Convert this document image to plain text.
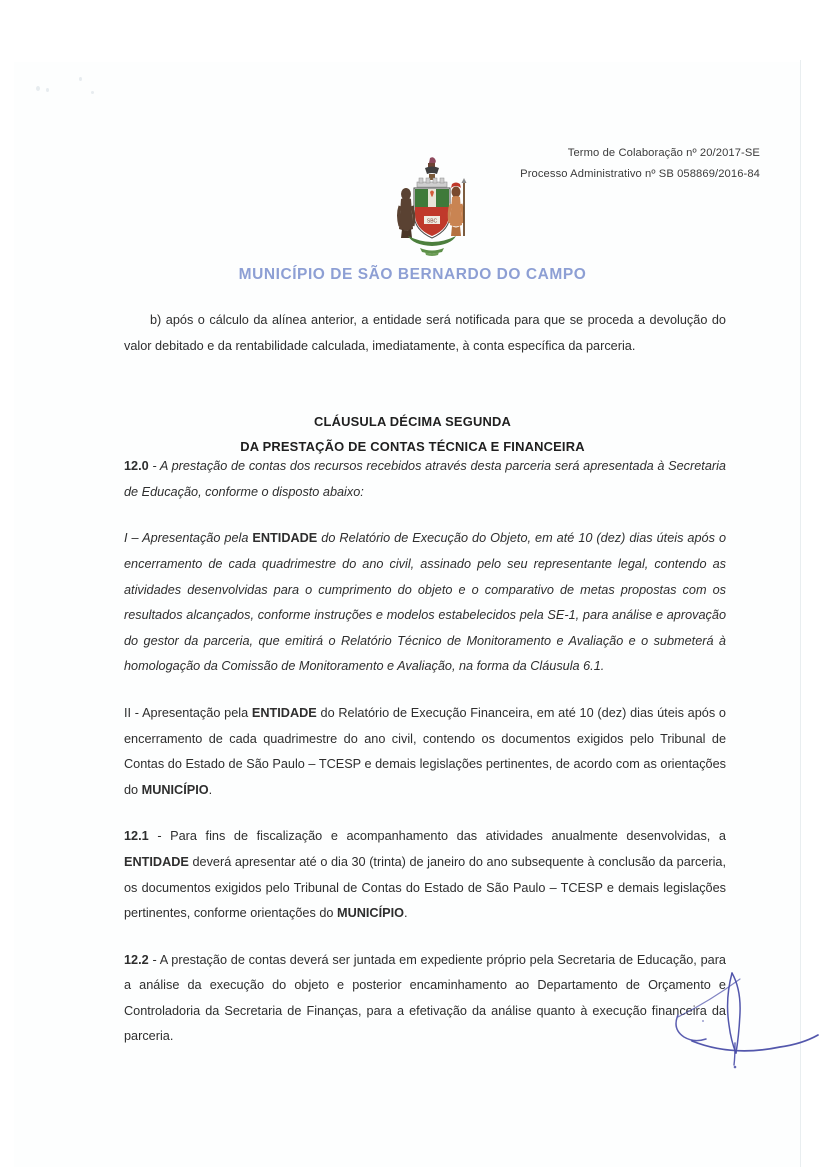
Termo de Colaboração nº 20/2017-SE
Processo Administrativo nº SB 058869/2016-84
SBC
MUNICÍPIO DE SÃO BERNARDO DO CAMPO
CLÁUSULA DÉCIMA SEGUNDA
DA PRESTAÇÃO DE CONTAS TÉCNICA E FINANCEIRA

b) após o cálculo da alínea anterior, a entidade será notificada para que se proceda a devolução do valor debitado e da rentabilidade calculada, imediatamente, à conta específica da parceria.

12.0 - A prestação de contas dos recursos recebidos através desta parceria será apresentada à Secretaria de Educação, conforme o disposto abaixo:

I – Apresentação pela ENTIDADE do Relatório de Execução do Objeto, em até 10 (dez) dias úteis após o encerramento de cada quadrimestre do ano civil, assinado pelo seu representante legal, contendo as atividades desenvolvidas para o cumprimento do objeto e o comparativo de metas propostas com os resultados alcançados, conforme instruções e modelos estabelecidos pela SE-1, para análise e aprovação do gestor da parceria, que emitirá o Relatório Técnico de Monitoramento e Avaliação e o submeterá à homologação da Comissão de Monitoramento e Avaliação, na forma da Cláusula 6.1.

II - Apresentação pela ENTIDADE do Relatório de Execução Financeira, em até 10 (dez) dias úteis após o encerramento de cada quadrimestre do ano civil, contendo os documentos exigidos pelo Tribunal de Contas do Estado de São Paulo – TCESP e demais legislações pertinentes, de acordo com as orientações do MUNICÍPIO.

12.1 - Para fins de fiscalização e acompanhamento das atividades anualmente desenvolvidas, a ENTIDADE deverá apresentar até o dia 30 (trinta) de janeiro do ano subsequente à conclusão da parceria, os documentos exigidos pelo Tribunal de Contas do Estado de São Paulo – TCESP e demais legislações pertinentes, conforme orientações do MUNICÍPIO.

12.2 - A prestação de contas deverá ser juntada em expediente próprio pela Secretaria de Educação, para a análise da execução do objeto e posterior encaminhamento ao Departamento de Orçamento e Controladoria da Secretaria de Finanças, para a efetivação da análise quanto à execução financeira da parceria.
